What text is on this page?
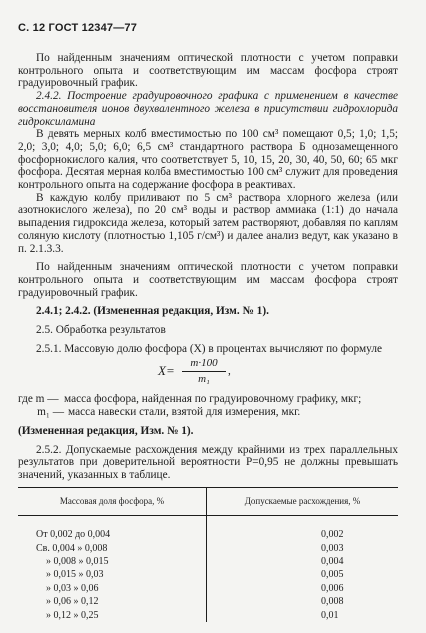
С. 12 ГОСТ 12347—77

По найденным значениям оптической плотности с учетом поправки контрольного опыта и соответствующим им массам фосфора строят градуировочный график.

2.4.2. Построение градуировочного графика с применением в качестве восстановителя ионов двухвалентного железа в присутствии гидрохлорида гидроксиламина

В девять мерных колб вместимостью по 100 см³ помещают 0,5; 1,0; 1,5; 2,0; 3,0; 4,0; 5,0; 6,0; 6,5 см³ стандартного раствора Б однозамещенного фосфорнокислого калия, что соответствует 5, 10, 15, 20, 30, 40, 50, 60; 65 мкг фосфора. Десятая мерная колба вместимостью 100 см³ служит для проведения контрольного опыта на содержание фосфора в реактивах.

В каждую колбу приливают по 5 см³ раствора хлорного железа (или азотнокислого железа), по 20 см³ воды и раствор аммиака (1:1) до начала выпадения гидроксида железа, который затем растворяют, добавляя по каплям соляную кислоту (плотностью 1,105 г/см³) и далее анализ ведут, как указано в п. 2.1.3.3.

По найденным значениям оптической плотности с учетом поправки контрольного опыта и соответствующим им массам фосфора строят градуировочный график.

2.4.1; 2.4.2. (Измененная редакция, Изм. № 1).

2.5. Обработка результатов

2.5.1. Массовую долю фосфора (X) в процентах вычисляют по формуле

$X= \frac{m\cdot 100}{\text{m₁}}$ ,
где m — масса фосфора, найденная по градуировочному графику, мкг;
m₁ — масса навески стали, взятой для измерения, мкг.

(Измененная редакция, Изм. № 1).

2.5.2. Допускаемые расхождения между крайними из трех параллельных результатов при доверительной вероятности Р=0,95 не должны превышать значений, указанных в таблице.

Массовая доля фосфора, %	Допускаемые расхождения, %

От 0,002 до 0,004	0,002
Св. 0,004 » 0,008	0,003
» 0,008 » 0,015	0,004
» 0,015 » 0,03	0,005
» 0,03 » 0,06	0,006
» 0,06 » 0,12	0,008
» 0,12 » 0,25	0,01
